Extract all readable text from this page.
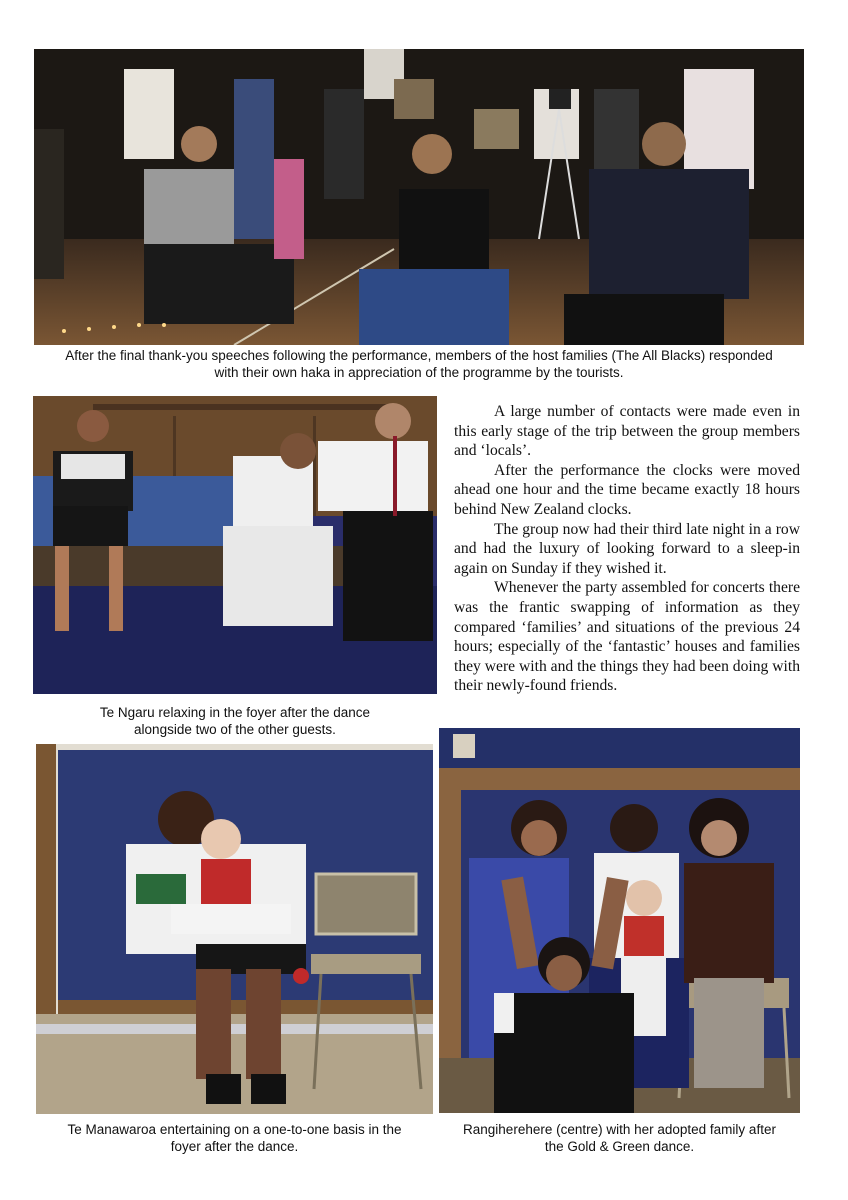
After the final thank-you speeches following the performance, members of the host families (The All Blacks) responded
with their own haka in appreciation of the programme by the tourists.
Te Ngaru relaxing in the foyer after the dance
alongside two of the other guests.

A large number of contacts were made even in this early stage of the trip between the group members and ‘locals’.

After the performance the clocks were moved ahead one hour and the time became exactly 18 hours behind New Zealand clocks.

The group now had their third late night in a row and had the luxury of looking forward to a sleep-in again on Sunday if they wished it.

Whenever the party assembled for concerts there was the frantic swapping of information as they compared ‘families’ and situations of the previous 24 hours; especially of the ‘fantastic’ houses and families they were with and the things they had been doing with their newly-found friends.

Te Manawaroa entertaining on a one-to-one basis in the
foyer after the dance.
Rangiherehere (centre) with her adopted family after
the Gold & Green dance.
